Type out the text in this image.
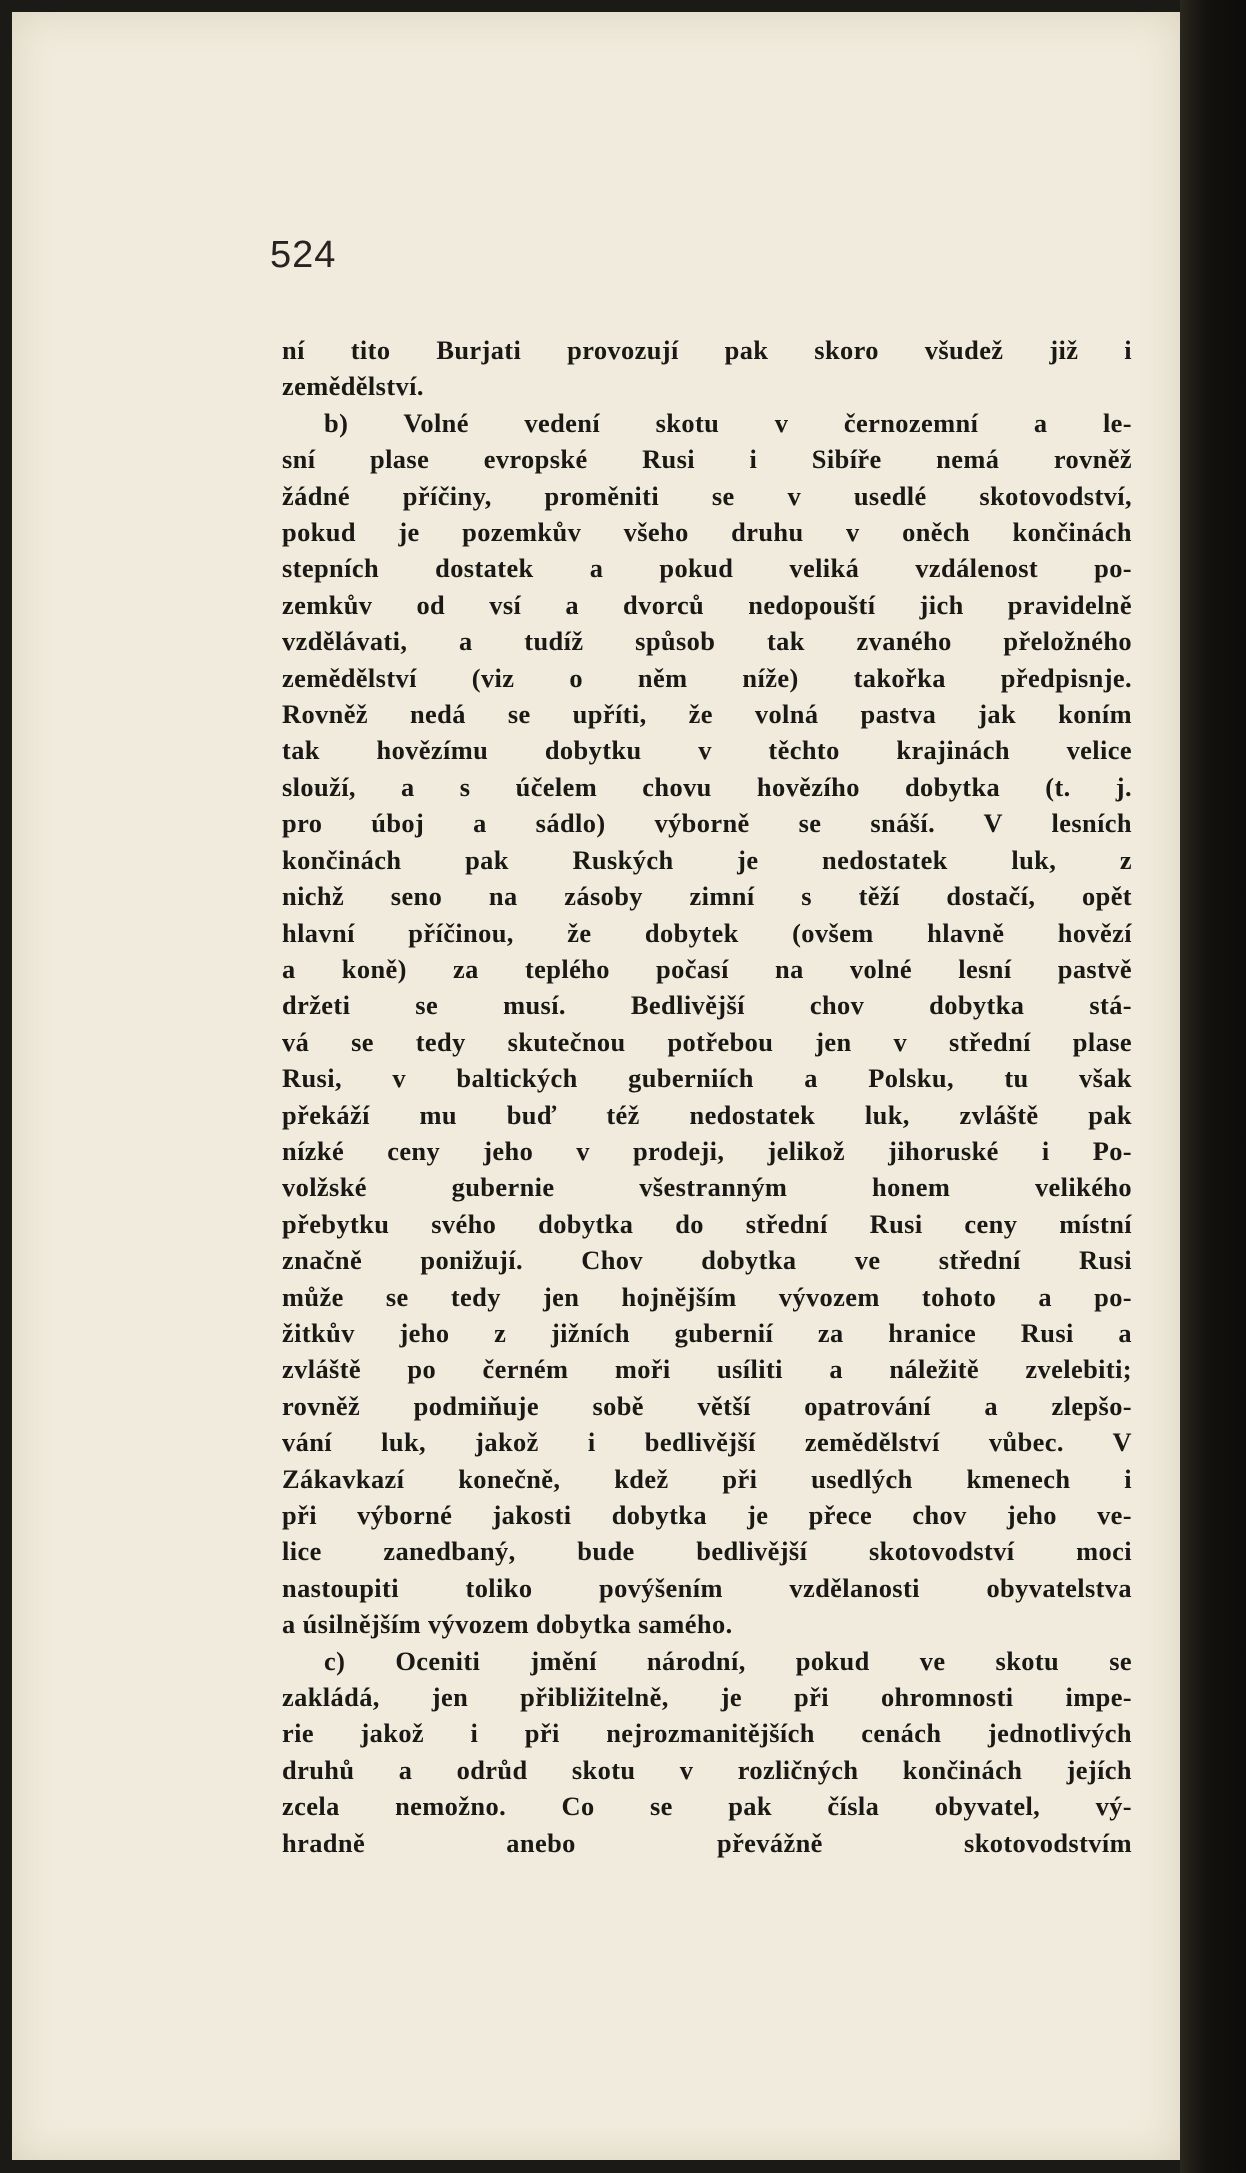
524
ní tito Burjati provozují pak skoro všudež již i
zemědělství.
b) Volné vedení skotu v černozemní a le-
sní plase evropské Rusi i Sibíře nemá rovněž
žádné příčiny, proměniti se v usedlé skotovodství,
pokud je pozemkův všeho druhu v oněch končinách
stepních dostatek a pokud veliká vzdálenost po-
zemkův od vsí a dvorců nedopouští jich pravidelně
vzdělávati, a tudíž spůsob tak zvaného přeložného
zemědělství (viz o něm níže) takořka předpisnje.
Rovněž nedá se upříti, že volná pastva jak koním
tak hovězímu dobytku v těchto krajinách velice
slouží, a s účelem chovu hovězího dobytka (t. j.
pro úboj a sádlo) výborně se snáší. V lesních
končinách pak Ruských je nedostatek luk, z
nichž seno na zásoby zimní s těží dostačí, opět
hlavní příčinou, že dobytek (ovšem hlavně hovězí
a koně) za teplého počasí na volné lesní pastvě
držeti se musí. Bedlivější chov dobytka stá-
vá se tedy skutečnou potřebou jen v střední plase
Rusi, v baltických guberniích a Polsku, tu však
překáží mu buď též nedostatek luk, zvláště pak
nízké ceny jeho v prodeji, jelikož jihoruské i Po-
volžské gubernie všestranným honem velikého
přebytku svého dobytka do střední Rusi ceny místní
značně ponižují. Chov dobytka ve střední Rusi
může se tedy jen hojnějším vývozem tohoto a po-
žitkův jeho z jižních gubernií za hranice Rusi a
zvláště po černém moři usíliti a náležitě zvelebiti;
rovněž podmiňuje sobě větší opatrování a zlepšo-
vání luk, jakož i bedlivější zemědělství vůbec. V
Zákavkazí konečně, kdež při usedlých kmenech i
při výborné jakosti dobytka je přece chov jeho ve-
lice zanedbaný, bude bedlivější skotovodství moci
nastoupiti toliko povýšením vzdělanosti obyvatelstva
a úsilnějším vývozem dobytka samého.
c) Oceniti jmění národní, pokud ve skotu se
zakládá, jen přibližitelně, je při ohromnosti impe-
rie jakož i při nejrozmanitějších cenách jednotlivých
druhů a odrůd skotu v rozličných končinách jejích
zcela nemožno. Co se pak čísla obyvatel, vý-
hradně anebo převážně skotovodstvím
